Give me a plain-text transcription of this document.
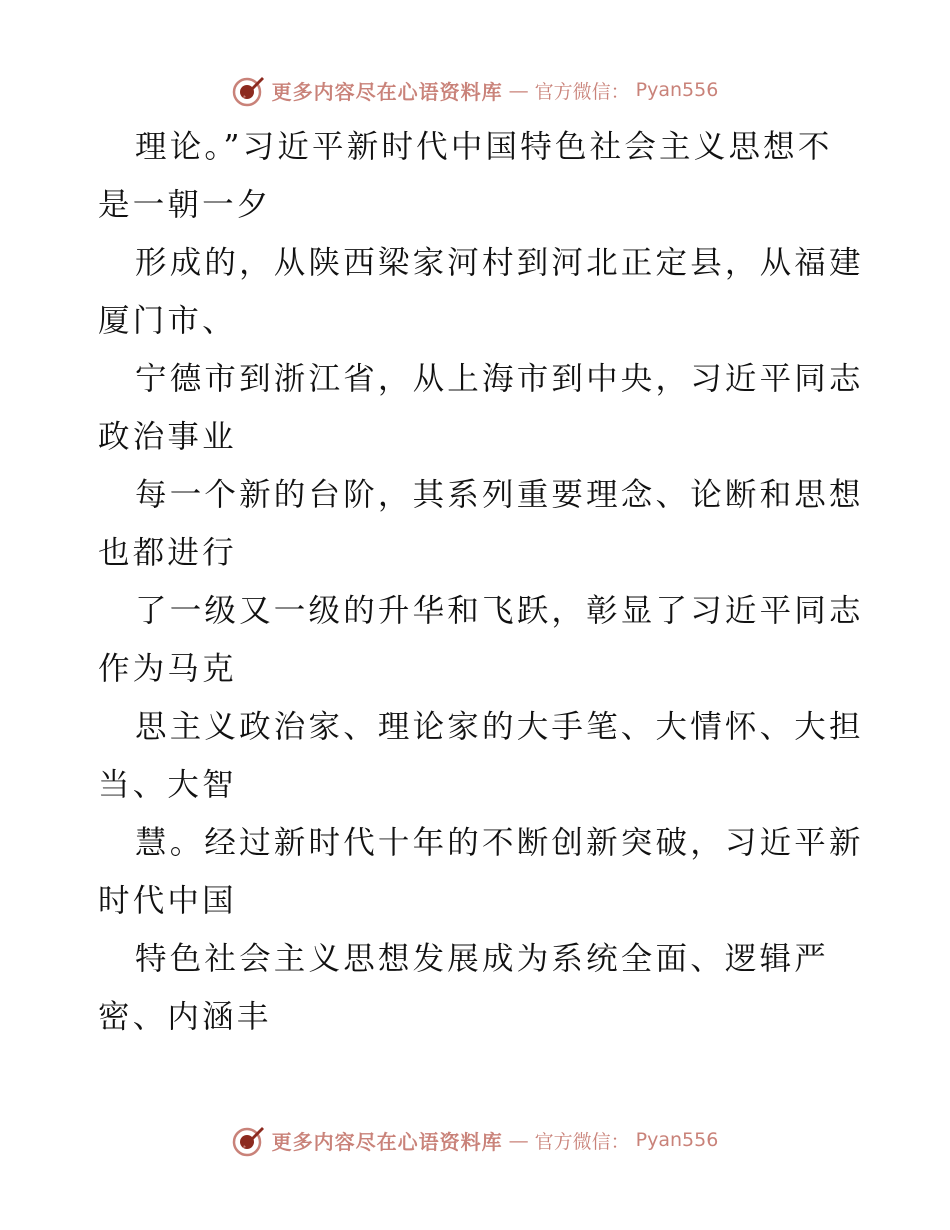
更多内容尽在心语资料库 — 官方微信： Pyan556

理论。”习近平新时代中国特色社会主义思想不
是一朝一夕

形成的，从陕西梁家河村到河北正定县，从福建
厦门市、

宁德市到浙江省，从上海市到中央，习近平同志
政治事业

每一个新的台阶，其系列重要理念、论断和思想
也都进行

了一级又一级的升华和飞跃，彰显了习近平同志
作为马克

思主义政治家、理论家的大手笔、大情怀、大担
当、大智

慧。经过新时代十年的不断创新突破，习近平新
时代中国

特色社会主义思想发展成为系统全面、逻辑严
密、内涵丰

更多内容尽在心语资料库 — 官方微信： Pyan556
